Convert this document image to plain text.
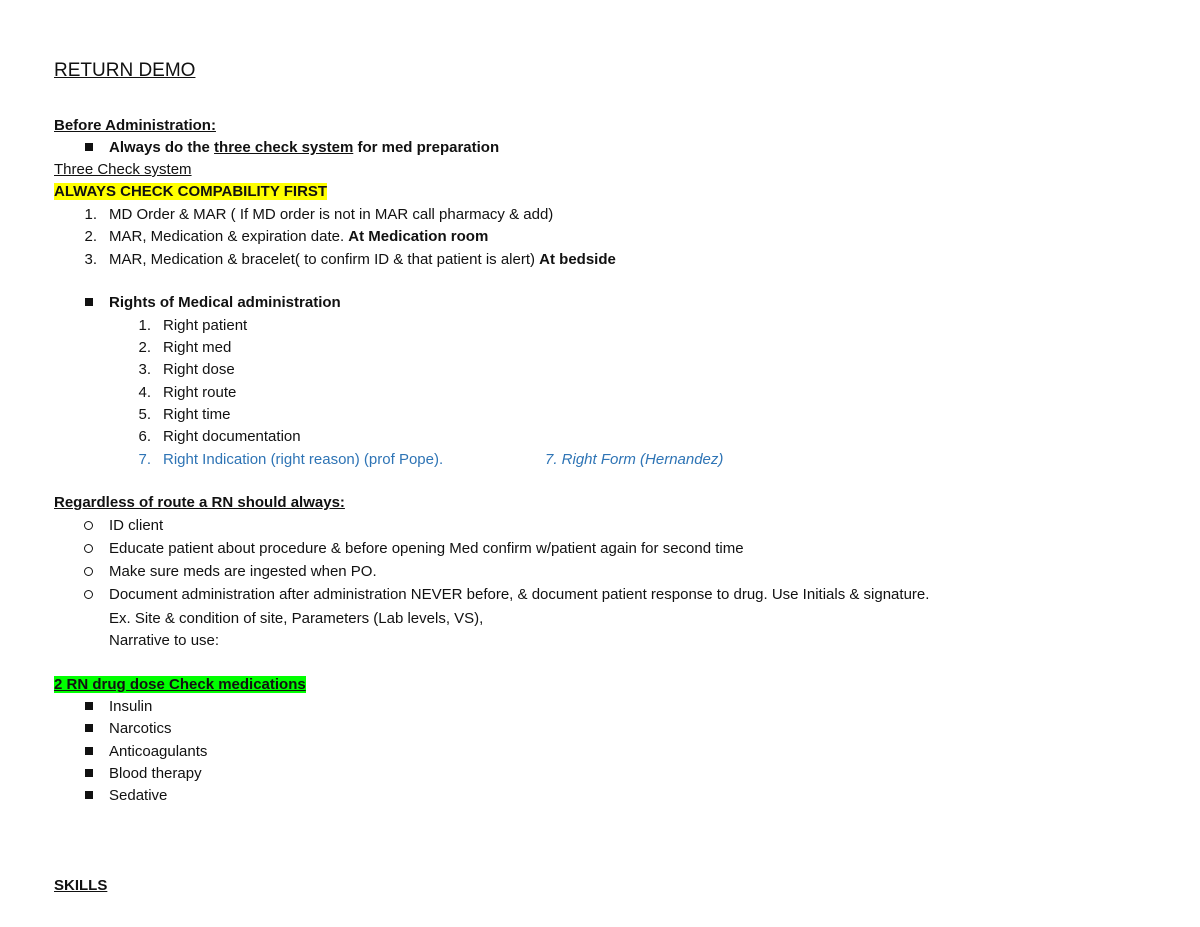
RETURN DEMO
Before Administration:
Always do the three check system for med preparation
Three Check system
ALWAYS CHECK COMPABILITY FIRST
1. MD Order & MAR ( If MD order is not in MAR call pharmacy & add)
2. MAR, Medication & expiration date. At Medication room
3. MAR, Medication & bracelet( to confirm ID & that patient is alert) At bedside
Rights of Medical administration
1. Right patient
2. Right med
3. Right dose
4. Right route
5. Right time
6. Right documentation
7. Right Indication (right reason) (prof Pope).	7. Right Form (Hernandez)
Regardless of route a RN should always:
ID client
Educate patient about procedure & before opening Med confirm w/patient again for second time
Make sure meds are ingested when PO.
Document administration after administration NEVER before, & document patient response to drug. Use Initials & signature.
Ex. Site & condition of site, Parameters (Lab levels, VS),
Narrative to use:
2 RN drug dose Check medications
Insulin
Narcotics
Anticoagulants
Blood therapy
Sedative
SKILLS
